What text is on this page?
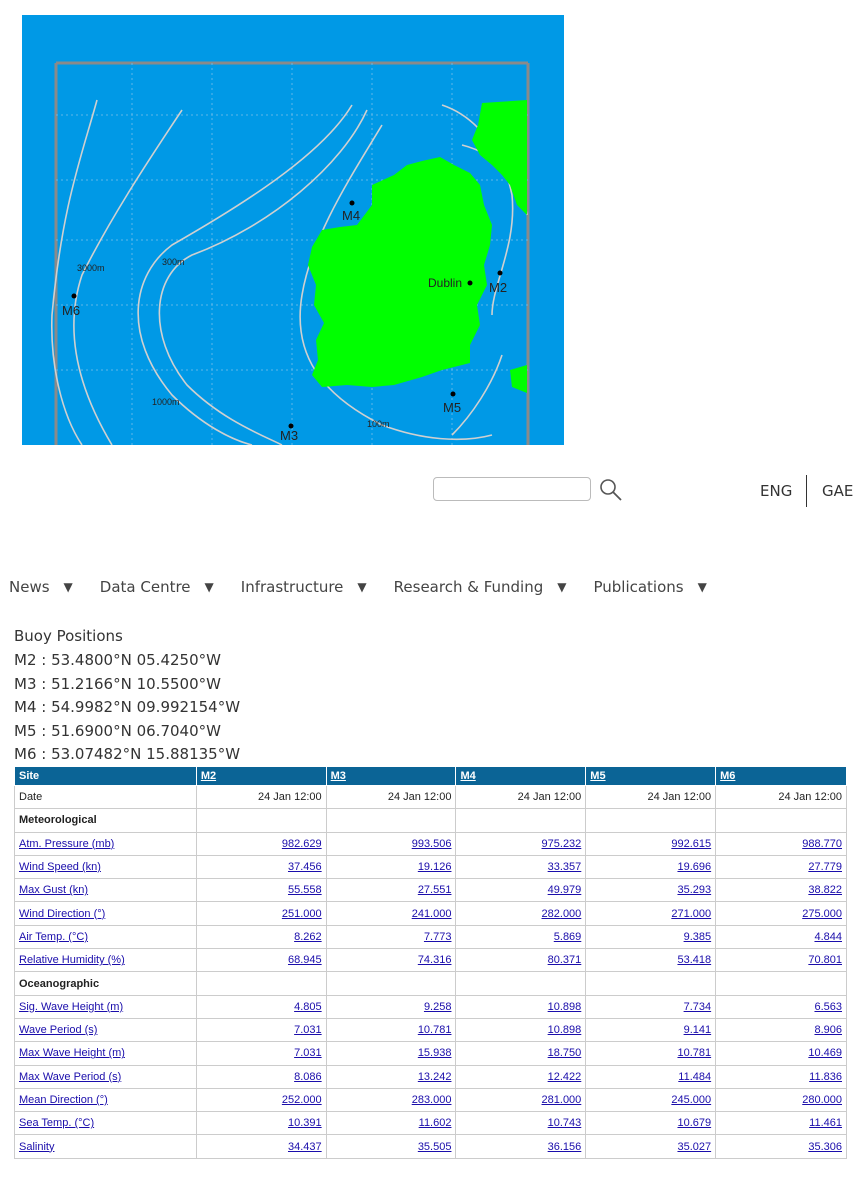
M4
M6
M2
M3
M5
Dublin
3000m
300m
1000m
100m
ENG GAE
News ▼ Data Centre ▼ Infrastructure ▼ Research & Funding ▼ Publications ▼
Buoy Positions
M2 : 53.4800°N 05.4250°W
M3 : 51.2166°N 10.5500°W
M4 : 54.9982°N 09.992154°W
M5 : 51.6900°N 06.7040°W
M6 : 53.07482°N 15.88135°W
Site	M2	M3	M4	M5	M6
Date	24 Jan 12:00	24 Jan 12:00	24 Jan 12:00	24 Jan 12:00	24 Jan 12:00
Meteorological					
Atm. Pressure (mb)	982.629	993.506	975.232	992.615	988.770
Wind Speed (kn)	37.456	19.126	33.357	19.696	27.779
Max Gust (kn)	55.558	27.551	49.979	35.293	38.822
Wind Direction (°)	251.000	241.000	282.000	271.000	275.000
Air Temp. (°C)	8.262	7.773	5.869	9.385	4.844
Relative Humidity (%)	68.945	74.316	80.371	53.418	70.801
Oceanographic					
Sig. Wave Height (m)	4.805	9.258	10.898	7.734	6.563
Wave Period (s)	7.031	10.781	10.898	9.141	8.906
Max Wave Height (m)	7.031	15.938	18.750	10.781	10.469
Max Wave Period (s)	8.086	13.242	12.422	11.484	11.836
Mean Direction (°)	252.000	283.000	281.000	245.000	280.000
Sea Temp. (°C)	10.391	11.602	10.743	10.679	11.461
Salinity	34.437	35.505	36.156	35.027	35.306
